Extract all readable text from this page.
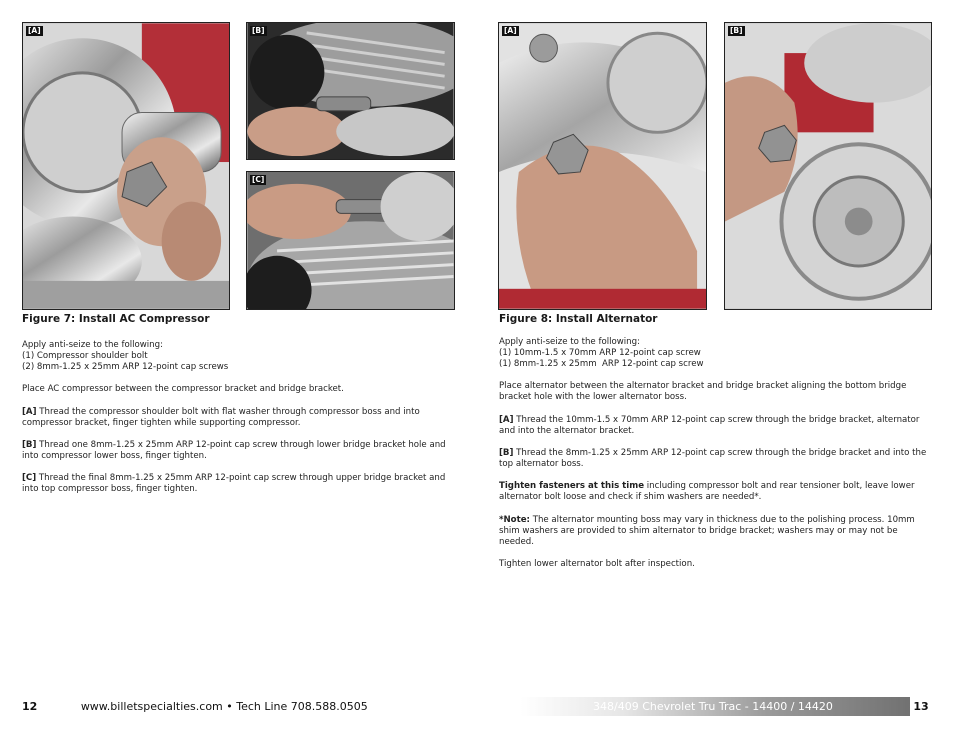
[A]	[B]
[C]
[A]	[B]
Figure 7: Install AC Compressor

Apply anti-seize to the following:

(1) Compressor shoulder bolt

(2) 8mm-1.25 x 25mm ARP 12-point cap screws

Place AC compressor between the compressor bracket and bridge bracket.

[A] Thread the compressor shoulder bolt with flat washer through compressor boss and into compressor bracket, finger tighten while supporting compressor.

[B] Thread one 8mm-1.25 x 25mm ARP 12-point cap screw through lower bridge bracket hole and into compressor lower boss, finger tighten.

[C] Thread the final 8mm-1.25 x 25mm ARP 12-point cap screw through upper bridge bracket and into top compressor boss, finger tighten.

Figure 8: Install Alternator

Apply anti-seize to the following:

(1) 10mm-1.5 x 70mm ARP 12-point cap screw

(1) 8mm-1.25 x 25mm  ARP 12-point cap screw

Place alternator between the alternator bracket and bridge bracket aligning the bottom bridge bracket hole with the lower alternator boss.

[A] Thread the 10mm-1.5 x 70mm ARP 12-point cap screw through the bridge bracket, alternator and into the alternator bracket.

[B] Thread the 8mm-1.25 x 25mm ARP 12-point cap screw through the bridge bracket and into the top alternator boss.

Tighten fasteners at this time including compressor bolt and rear tensioner bolt, leave lower alternator bolt loose and check if shim washers are needed*.

*Note: The alternator mounting boss may vary in thickness due to the polishing process. 10mm shim washers are provided to shim alternator to bridge bracket; washers may or may not be needed.

Tighten lower alternator bolt after inspection.

12	www.billetspecialties.com • Tech Line 708.588.0505	348/409 Chevrolet Tru Trac - 14400 / 14420	13
